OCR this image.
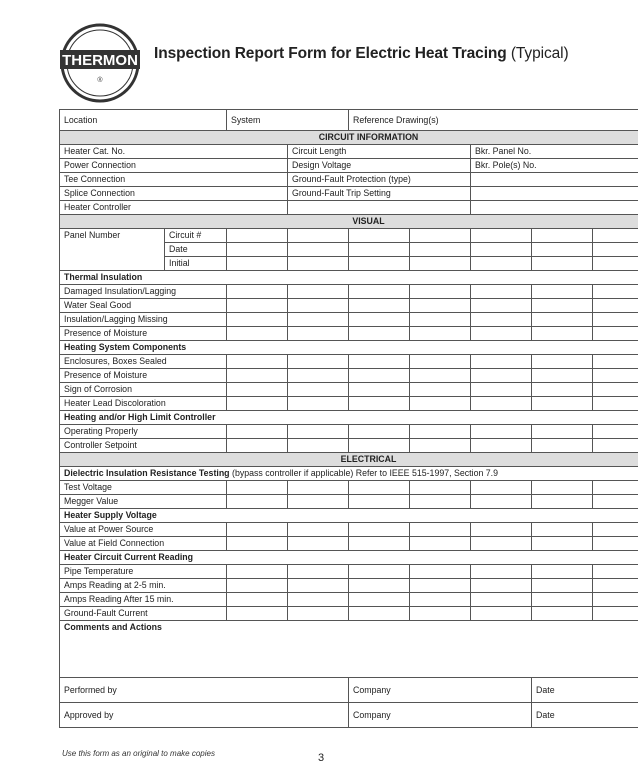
THERMON
®
Inspection Report Form for Electric Heat Tracing (Typical)
Location		System		Reference Drawing(s)				
CIRCUIT INFORMATION								
Heater Cat. No.			Circuit Length			Bkr. Panel No.		
Power Connection			Design Voltage			Bkr. Pole(s) No.		
Tee Connection			Ground-Fault Protection (type)					
Splice Connection			Ground-Fault Trip Setting					
Heater Controller								
VISUAL								
Panel Number	Circuit #							
	Date							
	Initial							
Thermal Insulation								
Damaged Insulation/Lagging								
Water Seal Good								
Insulation/Lagging Missing								
Presence of Moisture								
Heating System Components								
Enclosures, Boxes Sealed								
Presence of Moisture								
Sign of Corrosion								
Heater Lead Discoloration								
Heating and/or High Limit Controller								
Operating Properly								
Controller Setpoint								
ELECTRICAL								
Dielectric Insulation Resistance Testing (bypass controller if applicable) Refer to IEEE 515-1997, Section 7.9								
Test Voltage								
Megger Value								
Heater Supply Voltage								
Value at Power Source								
Value at Field Connection								
Heater Circuit Current Reading								
Pipe Temperature								
Amps Reading at 2-5 min.								
Amps Reading After 15 min.								
Ground-Fault Current								
Comments and Actions								
Performed by				Company			Date	
Approved by				Company			Date	
Use this form as an original to make copies	3
